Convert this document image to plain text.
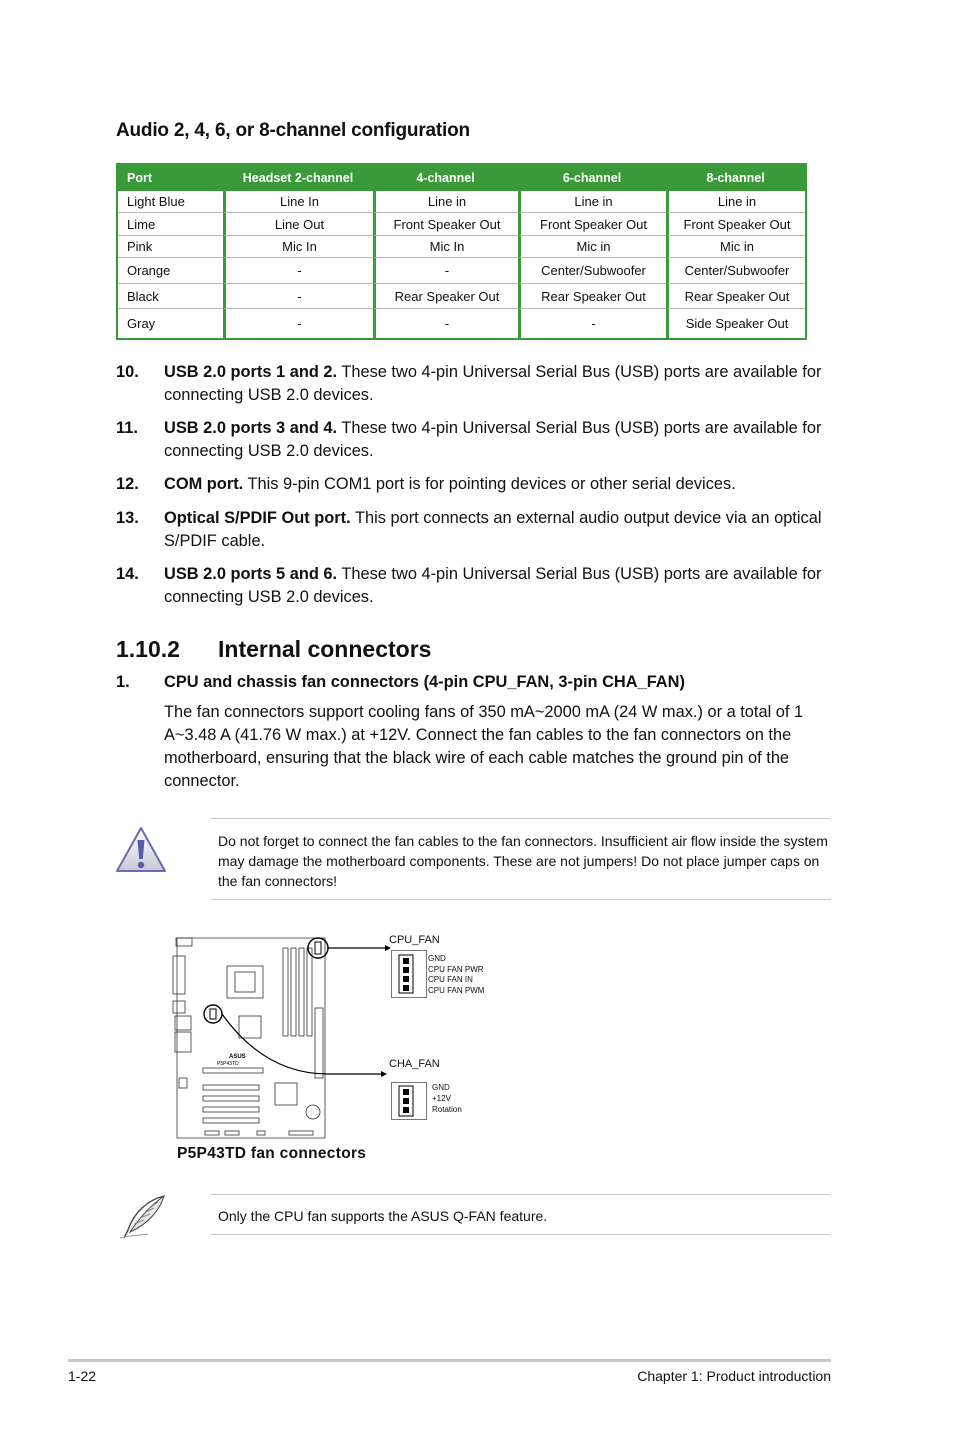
Audio 2, 4, 6, or 8-channel configuration
Port	Headset 2-channel	4-channel	6-channel	8-channel
Light Blue	Line In	Line in	Line in	Line in
Lime	Line Out	Front Speaker Out	Front Speaker Out	Front Speaker Out
Pink	Mic In	Mic In	Mic in	Mic in
Orange	-	-	Center/Subwoofer	Center/Subwoofer
Black	-	Rear Speaker Out	Rear Speaker Out	Rear Speaker Out
Gray	-	-	-	Side Speaker Out
10. USB 2.0 ports 1 and 2. These two 4-pin Universal Serial Bus (USB) ports are available for connecting USB 2.0 devices.
11. USB 2.0 ports 3 and 4. These two 4-pin Universal Serial Bus (USB) ports are available for connecting USB 2.0 devices.
12. COM port. This 9-pin COM1 port is for pointing devices or other serial devices.
13. Optical S/PDIF Out port. This port connects an external audio output device via an optical S/PDIF cable.
14. USB 2.0 ports 5 and 6. These two 4-pin Universal Serial Bus (USB) ports are available for connecting USB 2.0 devices.
1.10.2 Internal connectors
1. CPU and chassis fan connectors (4-pin CPU_FAN, 3-pin CHA_FAN)
The fan connectors support cooling fans of 350 mA~2000 mA (24 W max.) or a total of 1 A~3.48 A (41.76 W max.) at +12V. Connect the fan cables to the fan connectors on the motherboard, ensuring that the black wire of each cable matches the ground pin of the connector.
Do not forget to connect the fan cables to the fan connectors. Insufficient air flow inside the system may damage the motherboard components. These are not jumpers! Do not place jumper caps on the fan connectors!
ASUS
P5P43TD
CPU_FAN
GND
CPU FAN PWR
CPU FAN IN
CPU FAN PWM
CHA_FAN
GND
+12V
Rotation
P5P43TD fan connectors
Only the CPU fan supports the ASUS Q-FAN feature.
1-22	Chapter 1: Product introduction
